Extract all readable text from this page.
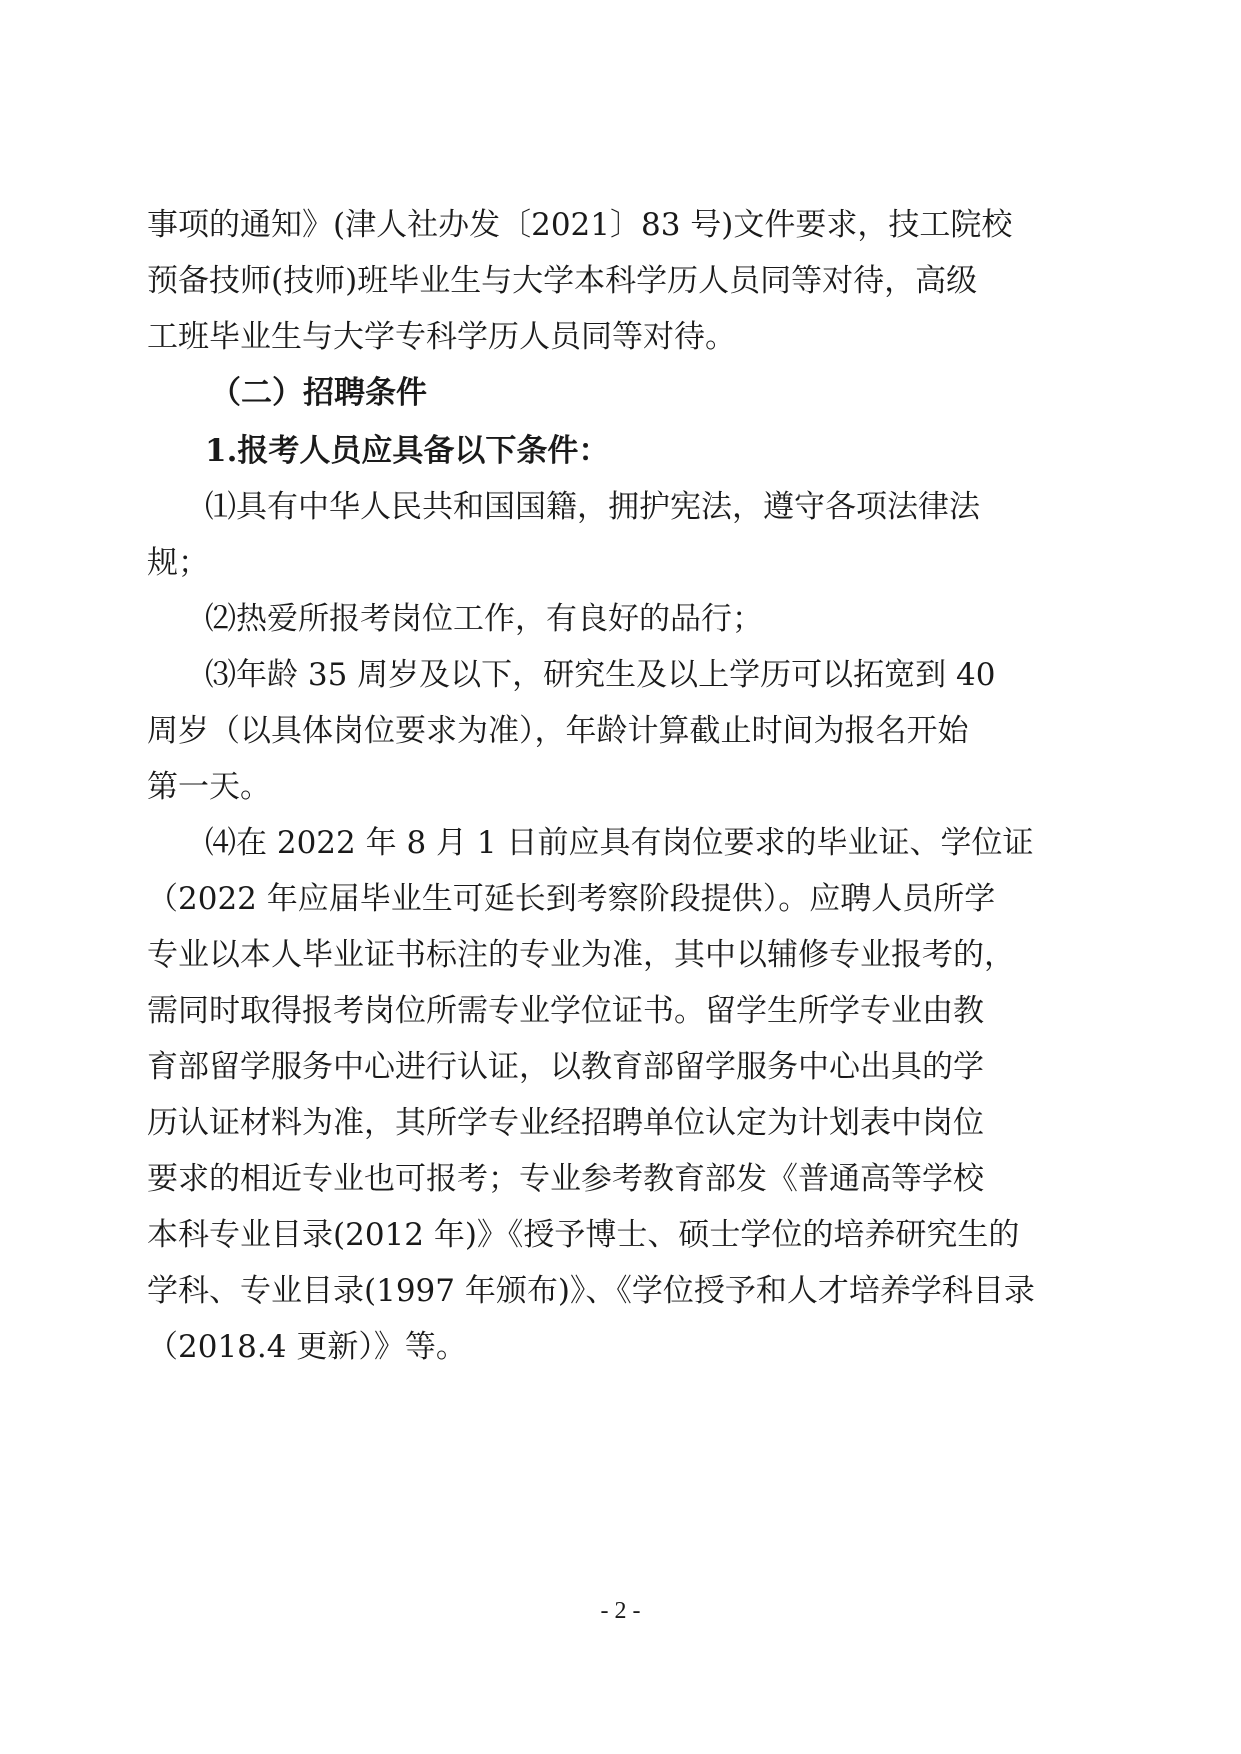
事项的通知》(津人社办发〔2021〕83 号)文件要求，技工院校
预备技师(技师)班毕业生与大学本科学历人员同等对待，高级
工班毕业生与大学专科学历人员同等对待。
（二）招聘条件
1.报考人员应具备以下条件：
⑴具有中华人民共和国国籍，拥护宪法，遵守各项法律法
规；
⑵热爱所报考岗位工作，有良好的品行；
⑶年龄 35 周岁及以下，研究生及以上学历可以拓宽到 40
周岁（以具体岗位要求为准），年龄计算截止时间为报名开始
第一天。
⑷在 2022 年 8 月 1 日前应具有岗位要求的毕业证、学位证
（2022 年应届毕业生可延长到考察阶段提供）。应聘人员所学
专业以本人毕业证书标注的专业为准，其中以辅修专业报考的，
需同时取得报考岗位所需专业学位证书。留学生所学专业由教
育部留学服务中心进行认证，以教育部留学服务中心出具的学
历认证材料为准，其所学专业经招聘单位认定为计划表中岗位
要求的相近专业也可报考；专业参考教育部发《普通高等学校
本科专业目录(2012 年)》《授予博士、硕士学位的培养研究生的
学科、专业目录(1997 年颁布)》、《学位授予和人才培养学科目录
（2018.4 更新）》等。
- 2 -
